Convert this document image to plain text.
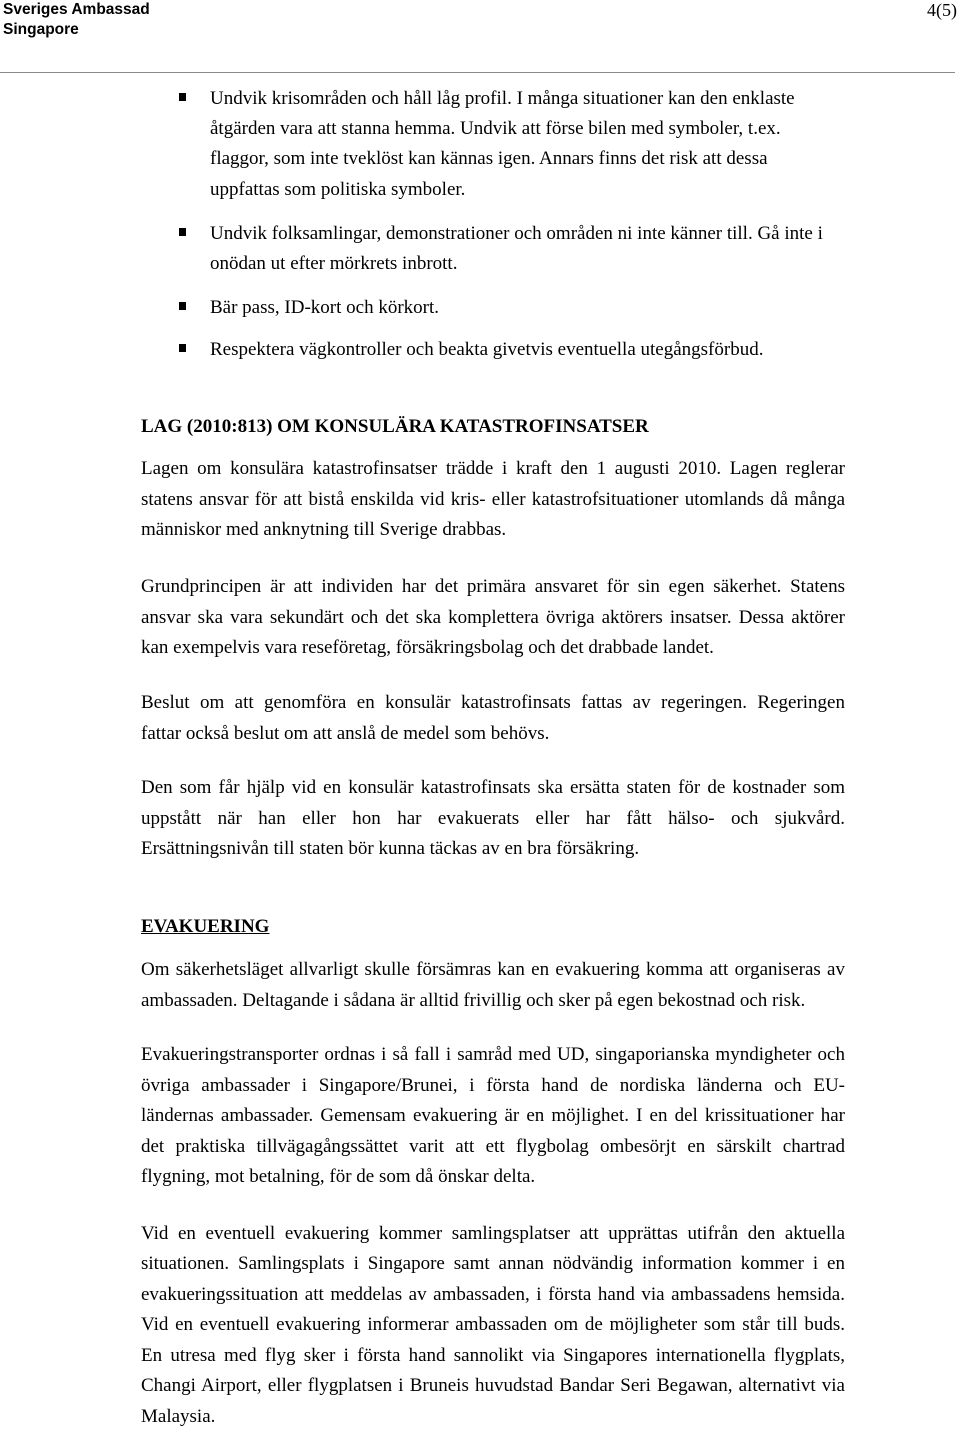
Sveriges Ambassad
Singapore
4(5)
Undvik krisområden och håll låg profil. I många situationer kan den enklaste
åtgärden vara att stanna hemma. Undvik att förse bilen med symboler, t.ex.
flaggor, som inte tveklöst kan kännas igen. Annars finns det risk att dessa
uppfattas som politiska symboler.
Undvik folksamlingar, demonstrationer och områden ni inte känner till. Gå inte i
onödan ut efter mörkrets inbrott.
Bär pass, ID-kort och körkort.
Respektera vägkontroller och beakta givetvis eventuella utegångsförbud.
LAG (2010:813) OM KONSULÄRA KATASTROFINSATSER
Lagen om konsulära katastrofinsatser trädde i kraft den 1 augusti 2010. Lagen reglerar
statens ansvar för att bistå enskilda vid kris- eller katastrofsituationer utomlands då många
människor med anknytning till Sverige drabbas.
Grundprincipen är att individen har det primära ansvaret för sin egen säkerhet. Statens
ansvar ska vara sekundärt och det ska komplettera övriga aktörers insatser. Dessa aktörer
kan exempelvis vara reseföretag, försäkringsbolag och det drabbade landet.
Beslut om att genomföra en konsulär katastrofinsats fattas av regeringen. Regeringen
fattar också beslut om att anslå de medel som behövs.
Den som får hjälp vid en konsulär katastrofinsats ska ersätta staten för de kostnader som
uppstått när han eller hon har evakuerats eller har fått hälso- och sjukvård.
Ersättningsnivån till staten bör kunna täckas av en bra försäkring.
EVAKUERING
Om säkerhetsläget allvarligt skulle försämras kan en evakuering komma att organiseras av
ambassaden. Deltagande i sådana är alltid frivillig och sker på egen bekostnad och risk.
Evakueringstransporter ordnas i så fall i samråd med UD, singaporianska myndigheter och
övriga ambassader i Singapore/Brunei, i första hand de nordiska länderna och EU-
ländernas ambassader. Gemensam evakuering är en möjlighet. I en del krissituationer har
det praktiska tillvägagångssättet varit att ett flygbolag ombesörjt en särskilt chartrad
flygning, mot betalning, för de som då önskar delta.
Vid en eventuell evakuering kommer samlingsplatser att upprättas utifrån den aktuella
situationen. Samlingsplats i Singapore samt annan nödvändig information kommer i en
evakueringssituation att meddelas av ambassaden, i första hand via ambassadens hemsida.
Vid en eventuell evakuering informerar ambassaden om de möjligheter som står till buds.
En utresa med flyg sker i första hand sannolikt via Singapores internationella flygplats,
Changi Airport, eller flygplatsen i Bruneis huvudstad Bandar Seri Begawan, alternativt via
Malaysia.
